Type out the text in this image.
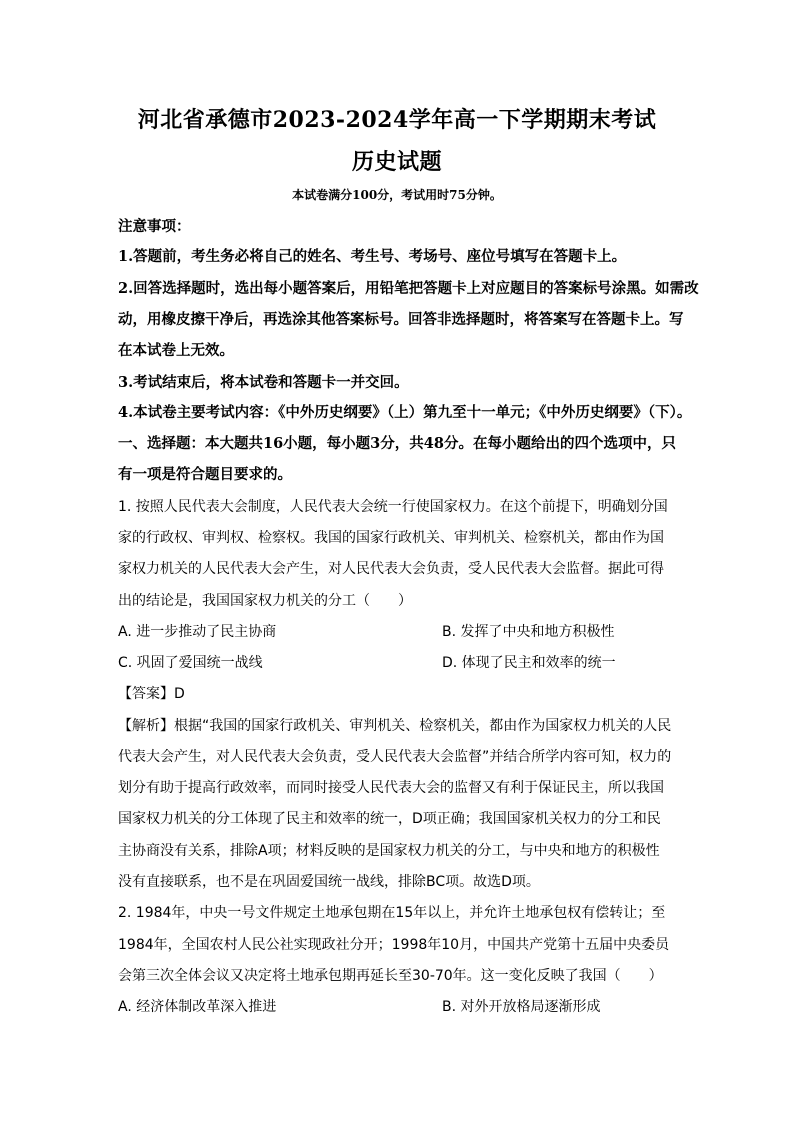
河北省承德市2023-2024学年高一下学期期末考试
历史试题
本试卷满分100分，考试用时75分钟。
注意事项：
1.答题前，考生务必将自己的姓名、考生号、考场号、座位号填写在答题卡上。
2.回答选择题时，选出每小题答案后，用铅笔把答题卡上对应题目的答案标号涂黑。如需改
动，用橡皮擦干净后，再选涂其他答案标号。回答非选择题时，将答案写在答题卡上。写
在本试卷上无效。
3.考试结束后，将本试卷和答题卡一并交回。
4.本试卷主要考试内容：《中外历史纲要》（上）第九至十一单元；《中外历史纲要》（下）。
一、选择题：本大题共16小题，每小题3分，共48分。在每小题给出的四个选项中，只
有一项是符合题目要求的。
1. 按照人民代表大会制度，人民代表大会统一行使国家权力。在这个前提下，明确划分国
家的行政权、审判权、检察权。我国的国家行政机关、审判机关、检察机关，都由作为国
家权力机关的人民代表大会产生，对人民代表大会负责，受人民代表大会监督。据此可得
出的结论是，我国国家权力机关的分工（　　）
A. 进一步推动了民主协商	B. 发挥了中央和地方积极性
C. 巩固了爱国统一战线	D. 体现了民主和效率的统一
【答案】D
【解析】根据“我国的国家行政机关、审判机关、检察机关，都由作为国家权力机关的人民
代表大会产生，对人民代表大会负责，受人民代表大会监督”并结合所学内容可知，权力的
划分有助于提高行政效率，而同时接受人民代表大会的监督又有利于保证民主，所以我国
国家权力机关的分工体现了民主和效率的统一，D项正确；我国国家机关权力的分工和民
主协商没有关系，排除A项；材料反映的是国家权力机关的分工，与中央和地方的积极性
没有直接联系，也不是在巩固爱国统一战线，排除BC项。故选D项。
2. 1984年，中央一号文件规定土地承包期在15年以上，并允许土地承包权有偿转让；至
1984年，全国农村人民公社实现政社分开；1998年10月，中国共产党第十五届中央委员
会第三次全体会议又决定将土地承包期再延长至30-70年。这一变化反映了我国（　　）
A. 经济体制改革深入推进	B. 对外开放格局逐渐形成
